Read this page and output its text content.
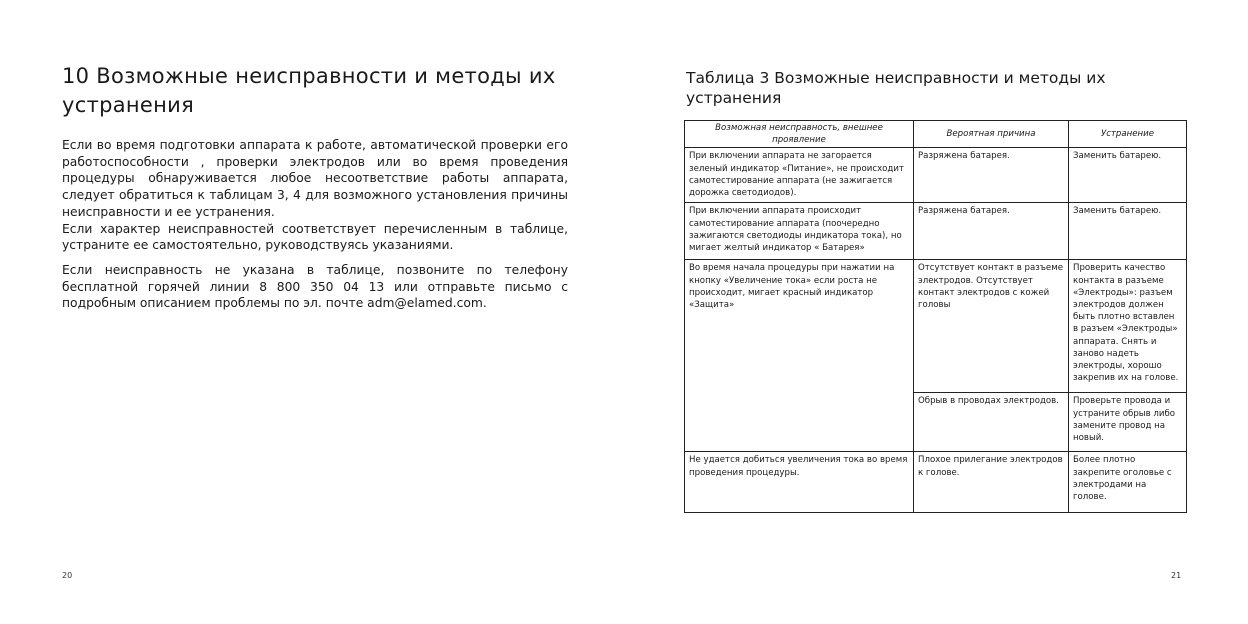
10 Возможные неисправности и методы их устранения
Если во время подготовки аппарата к работе, автоматической проверки его работоспособности , проверки электродов или во время проведения процедуры обнаруживается любое несоответствие работы аппарата, следует обратиться к таблицам 3, 4 для возможного установления причины неисправности и ее устранения.
Если характер неисправностей соответствует перечисленным в таблице, устраните ее самостоятельно, руководствуясь указаниями.
Если неисправность не указана в таблице, позвоните по телефону бесплатной горячей линии 8 800 350 04 13 или отправьте письмо с подробным описанием проблемы по эл. почте adm@elamed.com.
20
Таблица 3 Возможные неисправности и методы их устранения
Возможная неисправность, внешнее проявление	Вероятная причина	Устранение
При включении аппарата не загорается зеленый индикатор «Питание», не происходит самотестирование аппарата (не зажигается дорожка светодиодов).	Разряжена батарея.	Заменить батарею.
При включении аппарата происходит самотестирование аппарата (поочередно зажигаются светодиоды индикатора тока), но мигает желтый индикатор « Батарея»	Разряжена батарея.	Заменить батарею.
Во время начала процедуры при нажатии на кнопку «Увеличение тока» если роста не происходит, мигает красный индикатор «Защита»	Отсутствует контакт в разъеме электродов. Отсутствует контакт электродов с кожей головы	Проверить качество контакта в разъеме «Электроды»: разъем электродов должен быть плотно вставлен в разъем «Электроды» аппарата. Снять и заново надеть электроды, хорошо закрепив их на голове.
	Обрыв в проводах электродов.	Проверьте провода и устраните обрыв либо замените провод на новый.
Не удается добиться увеличения тока во время проведения процедуры.	Плохое прилегание электродов к голове.	Более плотно закрепите оголовье с электродами на голове.
21
